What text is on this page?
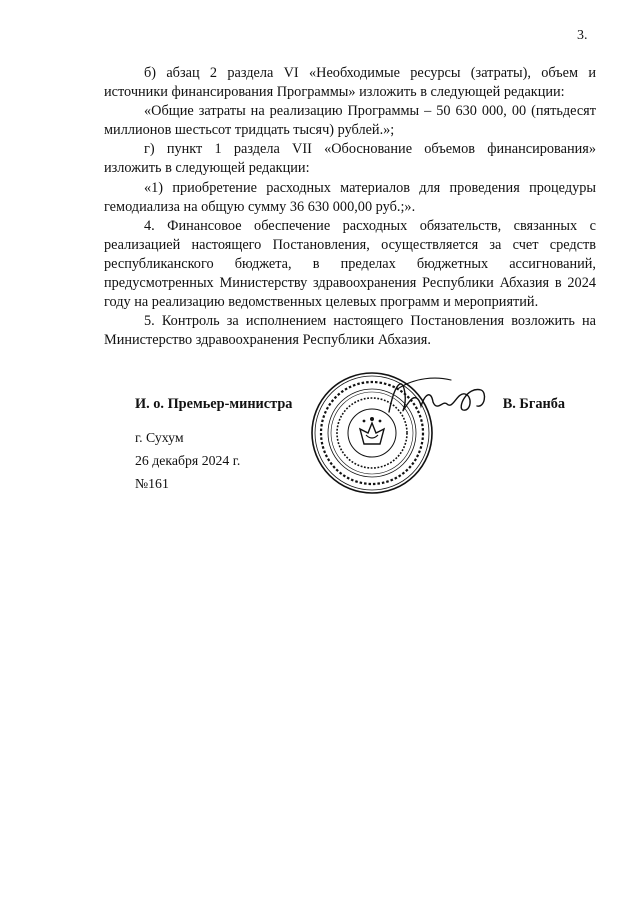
3.

б) абзац 2 раздела VI «Необходимые ресурсы (затраты), объем и источники финансирования Программы» изложить в следующей редакции:

«Общие затраты на реализацию Программы – 50 630 000, 00 (пятьдесят миллионов шестьсот тридцать тысяч) рублей.»;

г) пункт 1 раздела VII «Обоснование объемов финансирования» изложить в следующей редакции:

«1) приобретение расходных материалов для проведения процедуры гемодиализа на общую сумму 36 630 000,00 руб.;».

4. Финансовое обеспечение расходных обязательств, связанных с реализацией настоящего Постановления, осуществляется за счет средств республиканского бюджета, в пределах бюджетных ассигнований, предусмотренных Министерству здравоохранения Республики Абхазия в 2024 году на реализацию ведомственных целевых программ и мероприятий.

5. Контроль за исполнением настоящего Постановления возложить на Министерство здравоохранения Республики Абхазия.

И. о. Премьер-министра	В. Бганба
г. Сухум
26 декабря 2024 г.
№161
